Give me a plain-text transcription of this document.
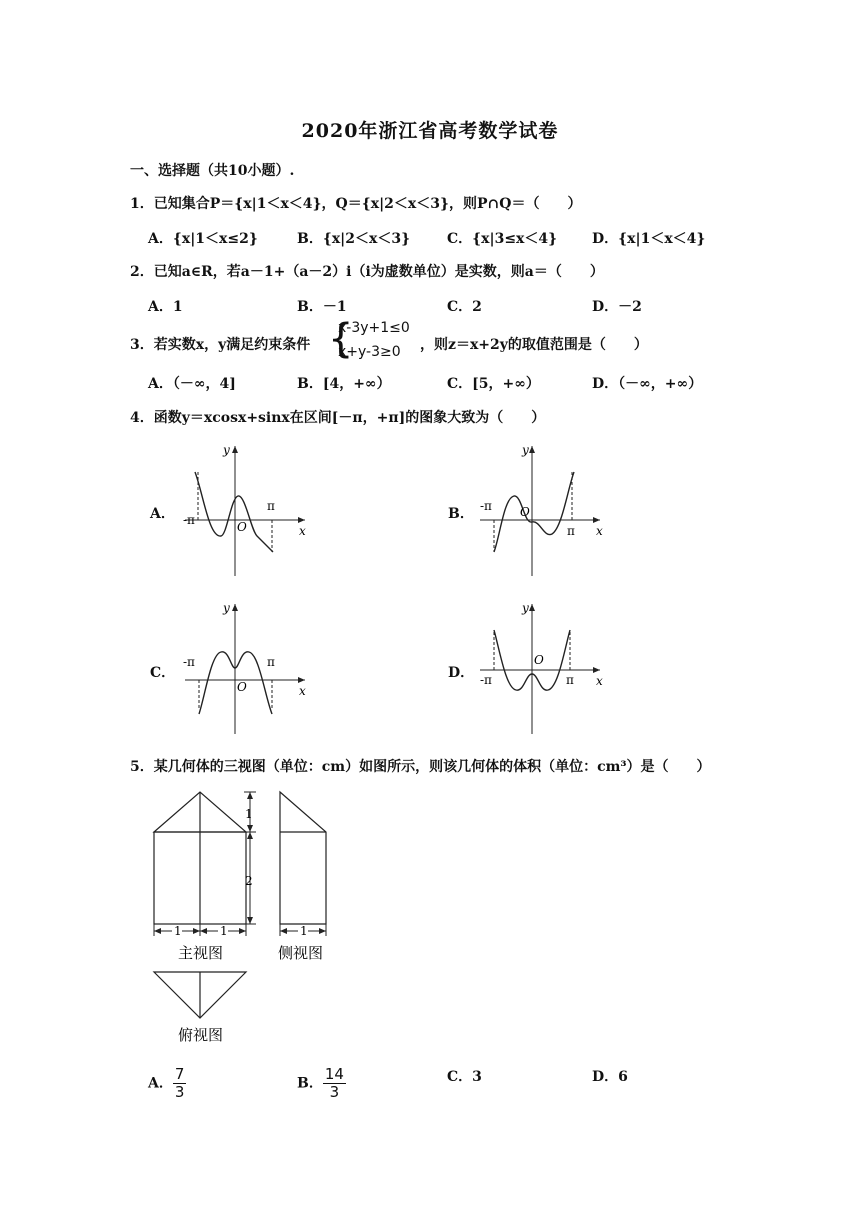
2020年浙江省高考数学试卷
一、选择题（共10小题）.
1．已知集合P＝{x|1＜x＜4}，Q＝{x|2＜x＜3}，则P∩Q＝（　　）
A．{x|1＜x≤2}	B．{x|2＜x＜3}	C．{x|3≤x＜4} D．{x|1＜x＜4}
2．已知a∈R，若a－1+（a－2）i（i为虚数单位）是实数，则a＝（　　）
A．1	B．－1	C．2	D．－2
3．若实数x，y满足约束条件 {
x-3y+1≤0
x+y-3≥0 ，则z＝x+2y的取值范围是（　　）
A．（－∞，4]	B．[4，+∞）	C．[5，+∞）	D．（－∞，+∞）
4．函数y＝xcosx+sinx在区间[－π，+π]的图象大致为（　　）
A．	B．
C．	D．
y
x
O
-π
π
y
x
O
-π
π
y
x
O
-π	π
y
x
O
-π	π
5．某几何体的三视图（单位：cm）如图所示，则该几何体的体积（单位：cm³）是（　　）
1
2
1	1
主视图
1
侧视图
俯视图
A． $\frac{7}{3}$	B． $\frac{14}{3}$	C．3	D．6
